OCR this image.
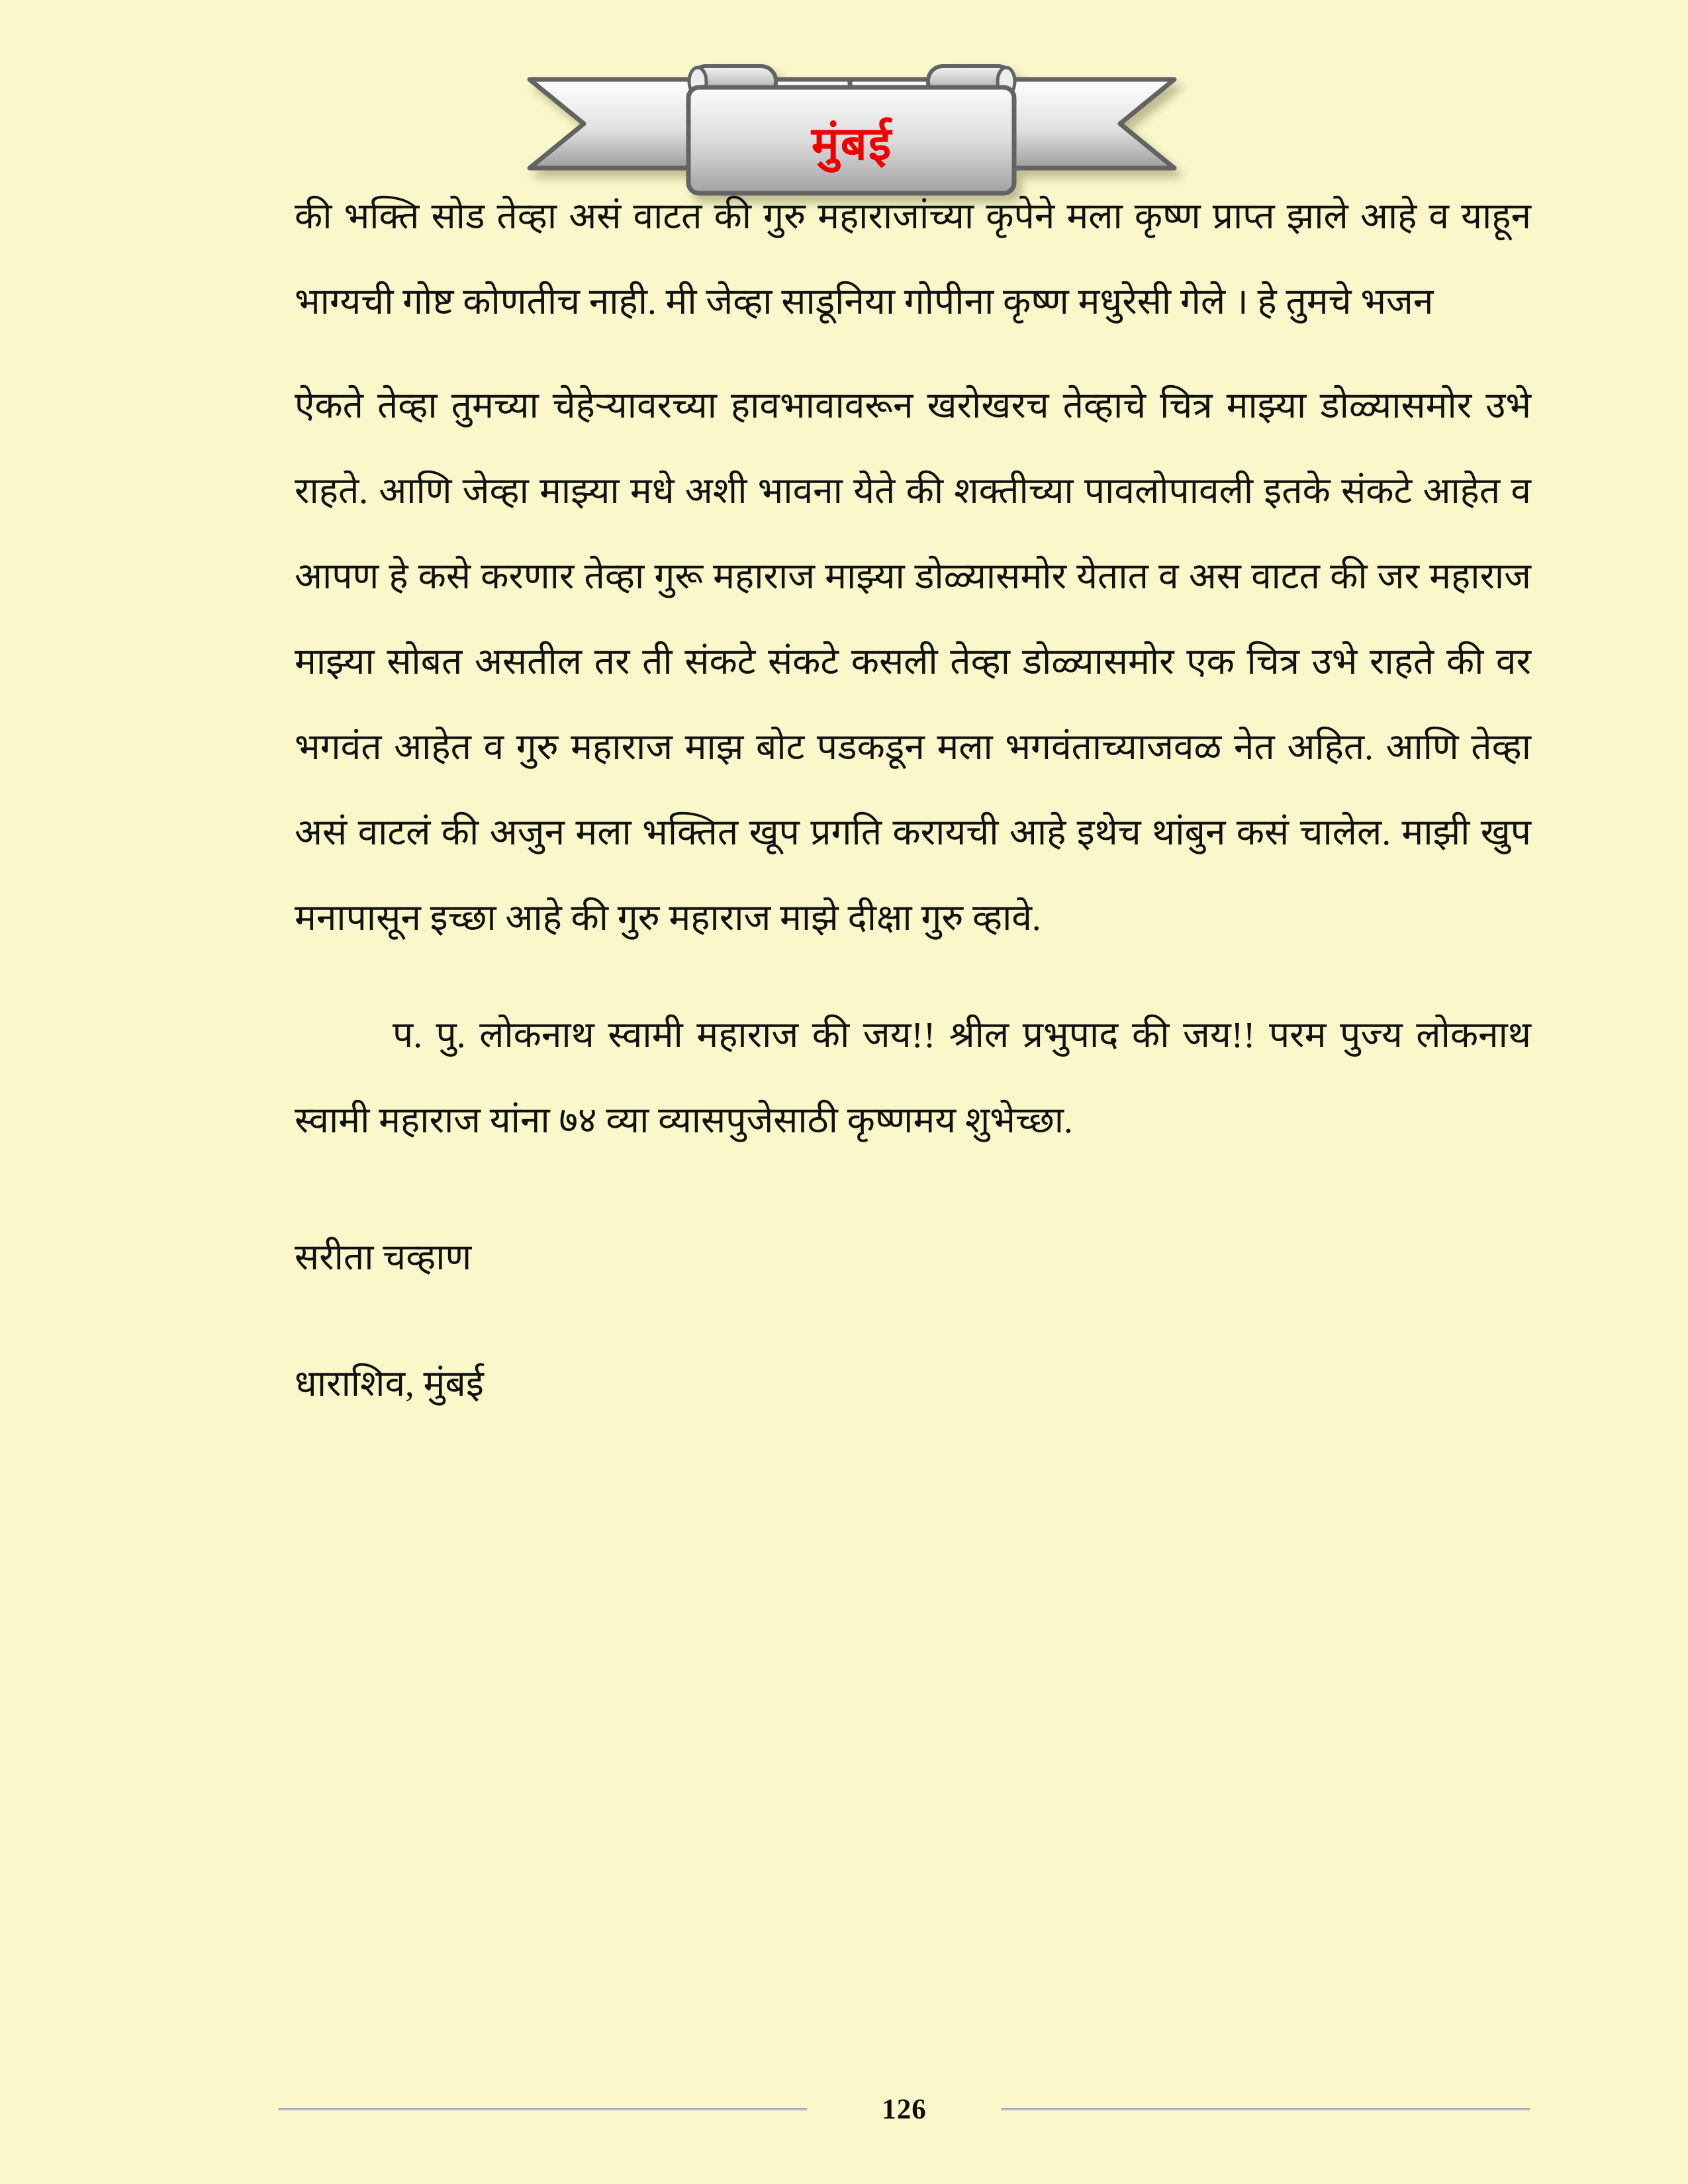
मुंबई

की भक्ति सोड तेव्हा असं वाटत की गुरु महाराजांच्या कृपेने मला कृष्ण प्राप्त झाले आहे व याहून भाग्यची गोष्ट कोणतीच नाही. मी जेव्हा साडूनिया गोपीना कृष्ण मधुरेसी गेले । हे तुमचे भजन

ऐकते तेव्हा तुमच्या चेहेऱ्यावरच्या हावभावावरून खरोखरच तेव्हाचे चित्र माझ्या डोळ्यासमोर उभे राहते. आणि जेव्हा माझ्या मधे अशी भावना येते की शक्तीच्या पावलोपावली इतके संकटे आहेत व आपण हे कसे करणार तेव्हा गुरू महाराज माझ्या डोळ्यासमोर येतात व अस वाटत की जर महाराज माझ्या सोबत असतील तर ती संकटे संकटे कसली तेव्हा डोळ्यासमोर एक चित्र उभे राहते की वर भगवंत आहेत व गुरु महाराज माझ बोट पडकडून मला भगवंताच्याजवळ नेत अहित. आणि तेव्हा असं वाटलं की अजुन मला भक्तित खूप प्रगति करायची आहे इथेच थांबुन कसं चालेल. माझी खुप मनापासून इच्छा आहे की गुरु महाराज माझे दीक्षा गुरु व्हावे.

प. पु. लोकनाथ स्वामी महाराज की जय!! श्रील प्रभुपाद की जय!! परम पुज्य लोकनाथ स्वामी महाराज यांना ७४ व्या व्यासपुजेसाठी कृष्णमय शुभेच्छा.

सरीता चव्हाण
धाराशिव, मुंबई
126
